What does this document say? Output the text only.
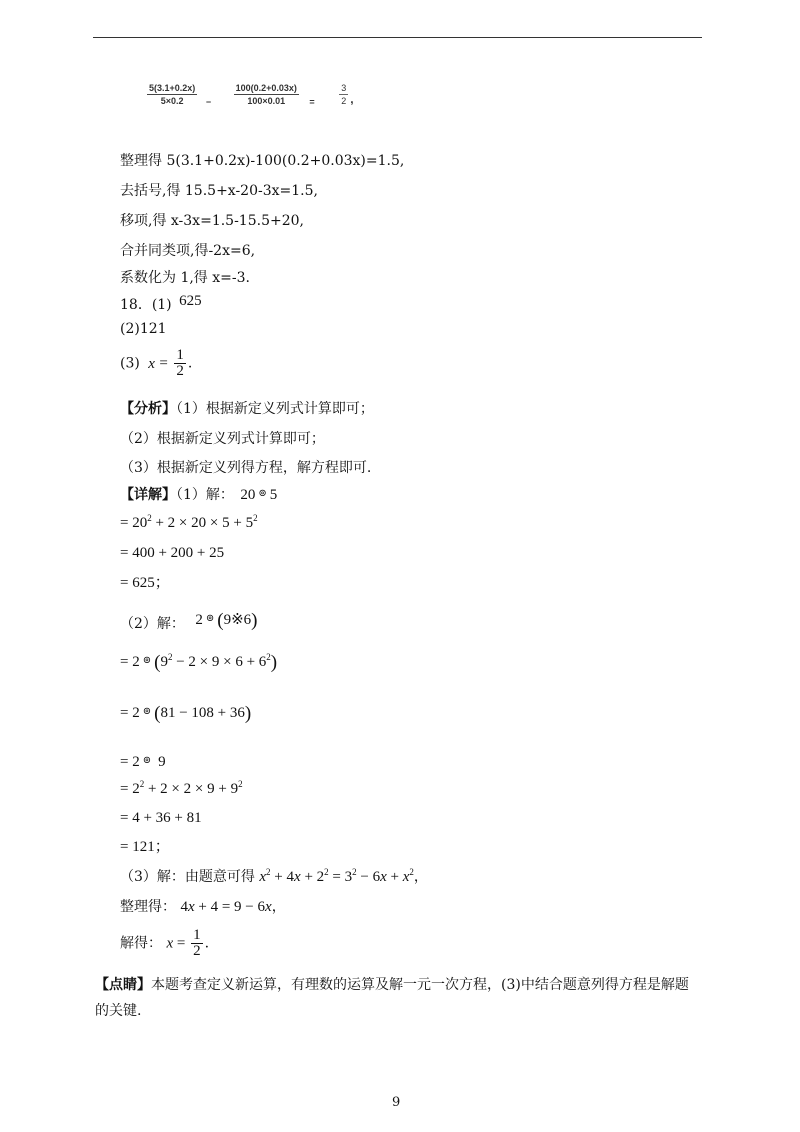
$\frac{5(3.1+0.2x)}{5\times 0.2}$ −	$\frac{100(0.2+0.03x)}{100\times 0.01}$ =	$\frac{3}{2}$ ,
整理得 5(3.1+0.2x)-100(0.2+0.03x)=1.5,
去括号,得 15.5+x-20-3x=1.5,
移项,得 x-3x=1.5-15.5+20,
合并同类项,得-2x=6,
系数化为 1,得 x=-3.
18．(1) 625
(2)121
(3) $x = \frac{1}{2}$ .
【分析】（1）根据新定义列式计算即可；
（2）根据新定义列式计算即可；
（3）根据新定义列得方程，解方程即可.
【详解】（1）解： 20 ⊚ 5
= $20^2 + 2 \times 20 \times 5 + 5^2$
= 400 + 200 + 25
= 625；
（2）解： 2 ⊚ (9※6)
= 2 ⊚ $(9^2 - 2 \times 9 \times 6 + 6^2)$
= 2 ⊚ (81 − 108 + 36)
= 2 ⊚ 9
= $2^2 + 2 \times 2 \times 9 + 9^2$
= 4 + 36 + 81
= 121；
（3）解：由题意可得 $x^2 + 4x + 2^2 = 3^2 - 6x + x^2$，
整理得： 4x + 4 = 9 − 6x，
解得： $x = \frac{1}{2}$ .
【点睛】本题考查定义新运算，有理数的运算及解一元一次方程，(3)中结合题意列得方程是解题
的关键.
9
